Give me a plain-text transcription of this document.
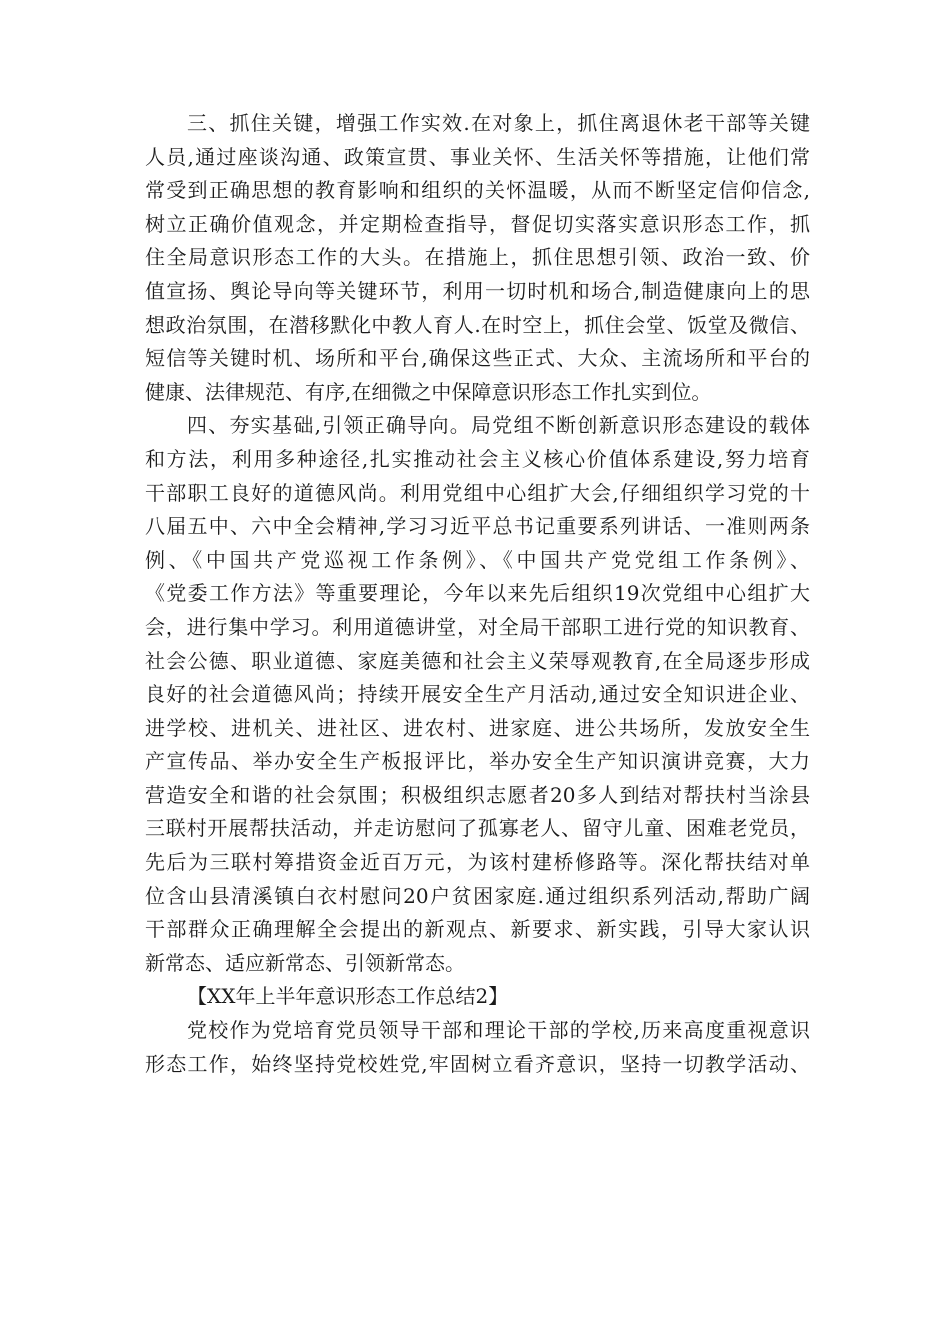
三、抓住关键，增强工作实效.在对象上，抓住离退休老干部等关键
人员,通过座谈沟通、政策宣贯、事业关怀、生活关怀等措施，让他们常
常受到正确思想的教育影响和组织的关怀温暖，从而不断坚定信仰信念,
树立正确价值观念，并定期检查指导，督促切实落实意识形态工作，抓
住全局意识形态工作的大头。在措施上，抓住思想引领、政治一致、价
值宣扬、舆论导向等关键环节，利用一切时机和场合,制造健康向上的思
想政治氛围，在潜移默化中教人育人.在时空上，抓住会堂、饭堂及微信、
短信等关键时机、场所和平台,确保这些正式、大众、主流场所和平台的
健康、法律规范、有序,在细微之中保障意识形态工作扎实到位。
四、夯实基础,引领正确导向。局党组不断创新意识形态建设的载体
和方法，利用多种途径,扎实推动社会主义核心价值体系建设,努力培育
干部职工良好的道德风尚。利用党组中心组扩大会,仔细组织学习党的十
八届五中、六中全会精神,学习习近平总书记重要系列讲话、一准则两条
例、《中国共产党巡视工作条例》、《中国共产党党组工作条例》、
《党委工作方法》等重要理论，今年以来先后组织19次党组中心组扩大
会，进行集中学习。利用道德讲堂，对全局干部职工进行党的知识教育、
社会公德、职业道德、家庭美德和社会主义荣辱观教育,在全局逐步形成
良好的社会道德风尚；持续开展安全生产月活动,通过安全知识进企业、
进学校、进机关、进社区、进农村、进家庭、进公共场所，发放安全生
产宣传品、举办安全生产板报评比，举办安全生产知识演讲竞赛，大力
营造安全和谐的社会氛围；积极组织志愿者20多人到结对帮扶村当涂县
三联村开展帮扶活动，并走访慰问了孤寡老人、留守儿童、困难老党员，
先后为三联村筹措资金近百万元，为该村建桥修路等。深化帮扶结对单
位含山县清溪镇白衣村慰问20户贫困家庭.通过组织系列活动,帮助广阔
干部群众正确理解全会提出的新观点、新要求、新实践，引导大家认识
新常态、适应新常态、引领新常态。
【XX年上半年意识形态工作总结2】
党校作为党培育党员领导干部和理论干部的学校,历来高度重视意识
形态工作，始终坚持党校姓党,牢固树立看齐意识，坚持一切教学活动、
